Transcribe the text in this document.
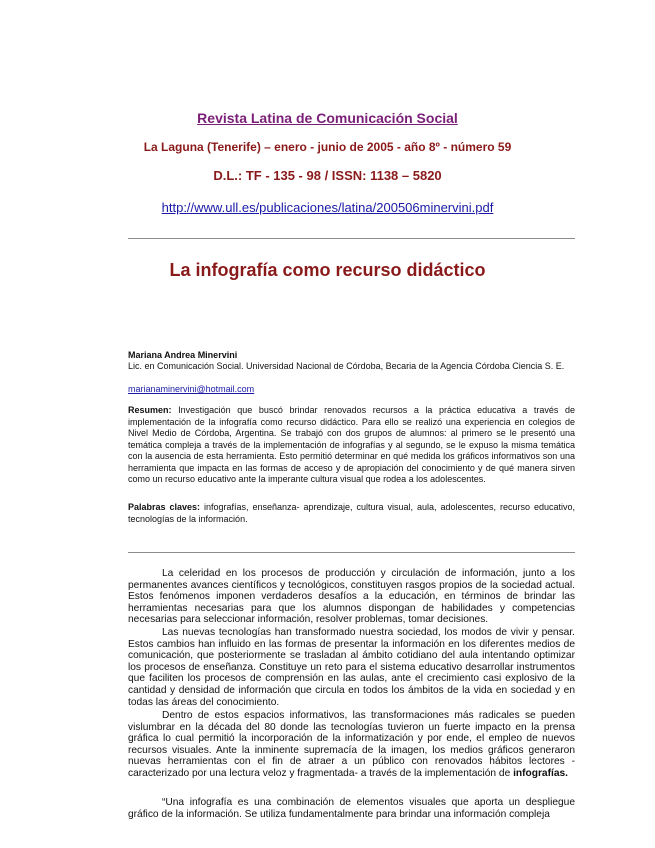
Revista Latina de Comunicación Social
La Laguna (Tenerife) – enero - junio de 2005 - año 8º - número 59
D.L.: TF - 135 - 98 / ISSN: 1138 – 5820
http://www.ull.es/publicaciones/latina/200506minervini.pdf
La infografía como recurso didáctico
Mariana Andrea Minervini
Lic. en Comunicación Social. Universidad Nacional de Córdoba, Becaria de la Agencia Córdoba Ciencia S. E.
marianaminervini@hotmail.com
Resumen: Investigación que buscó brindar renovados recursos a la práctica educativa a través de implementación de la infografía como recurso didáctico. Para ello se realizó una experiencia en colegios de Nivel Medio de Córdoba, Argentina. Se trabajó con dos grupos de alumnos: al primero se le presentó una temática compleja a través de la implementación de infografías y al segundo, se le expuso la misma temática con la ausencia de esta herramienta. Esto permitió determinar en qué medida los gráficos informativos son una herramienta que impacta en las formas de acceso y de apropiación del conocimiento y de qué manera sirven como un recurso educativo ante la imperante cultura visual que rodea a los adolescentes.
Palabras claves: infografías, enseñanza- aprendizaje, cultura visual, aula, adolescentes, recurso educativo, tecnologías de la información.

La celeridad en los procesos de producción y circulación de información, junto a los permanentes avances científicos y tecnológicos, constituyen rasgos propios de la sociedad actual. Estos fenómenos imponen verdaderos desafíos a la educación, en términos de brindar las herramientas necesarias para que los alumnos dispongan de habilidades y competencias necesarias para seleccionar información, resolver problemas, tomar decisiones.

Las nuevas tecnologías han transformado nuestra sociedad, los modos de vivir y pensar. Estos cambios han influido en las formas de presentar la información en los diferentes medios de comunicación, que posteriormente se trasladan al ámbito cotidiano del aula intentando optimizar los procesos de enseñanza. Constituye un reto para el sistema educativo desarrollar instrumentos que faciliten los procesos de comprensión en las aulas, ante el crecimiento casi explosivo de la cantidad y densidad de información que circula en todos los ámbitos de la vida en sociedad y en todas las áreas del conocimiento.

Dentro de estos espacios informativos, las transformaciones más radicales se pueden vislumbrar en la década del 80 donde las tecnologías tuvieron un fuerte impacto en la prensa gráfica lo cual permitió la incorporación de la informatización y por ende, el empleo de nuevos recursos visuales. Ante la inminente supremacía de la imagen, los medios gráficos generaron nuevas herramientas con el fin de atraer a un público con renovados hábitos lectores - caracterizado por una lectura veloz y fragmentada- a través de la implementación de infografías.

“Una infografía es una combinación de elementos visuales que aporta un despliegue gráfico de la información. Se utiliza fundamentalmente para brindar una información compleja
